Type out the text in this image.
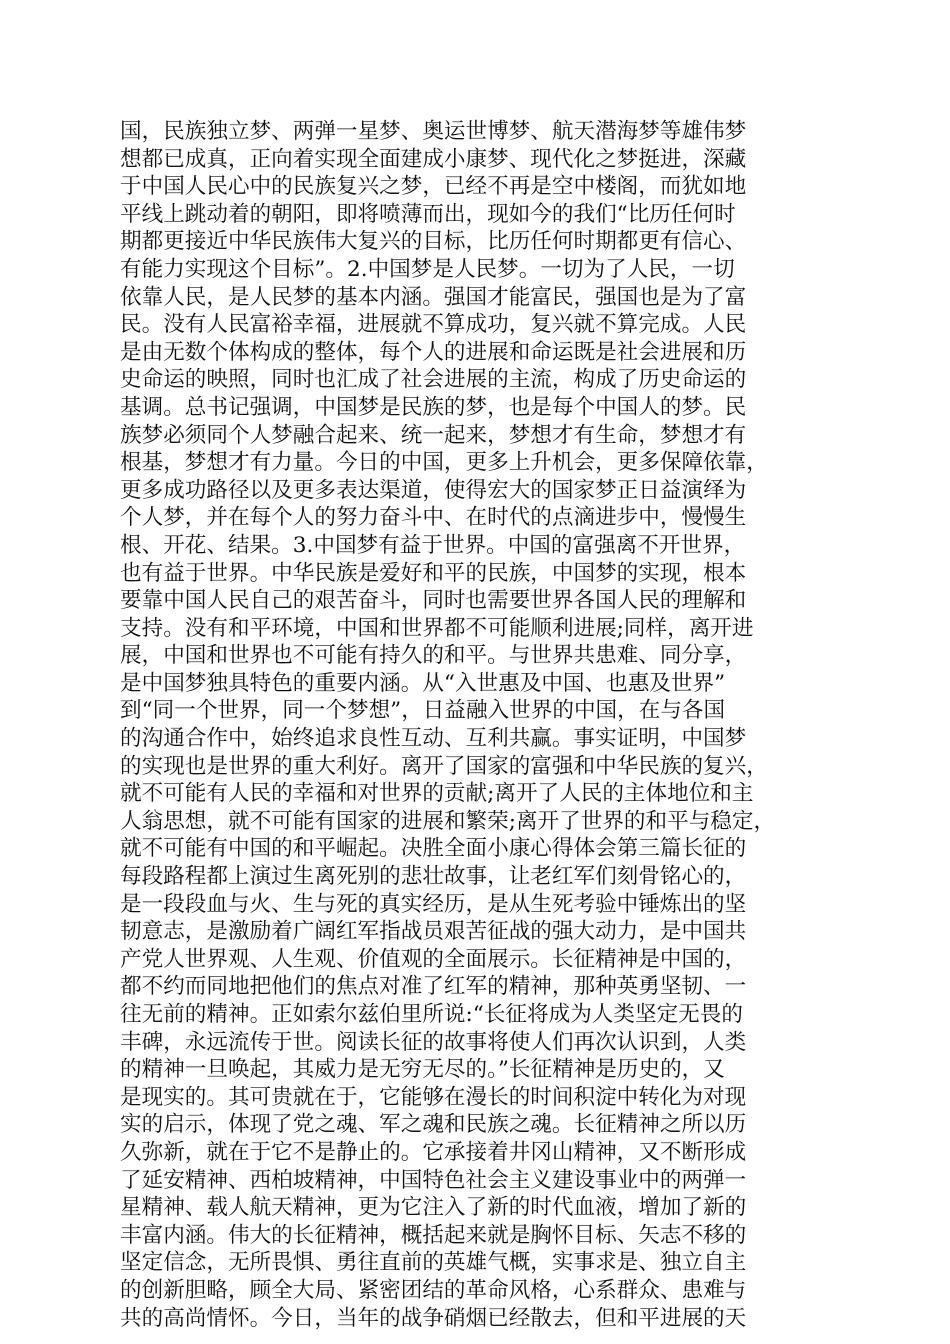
国，民族独立梦、两弹一星梦、奥运世博梦、航天潜海梦等雄伟梦
想都已成真，正向着实现全面建成小康梦、现代化之梦挺进，深藏
于中国人民心中的民族复兴之梦，已经不再是空中楼阁，而犹如地
平线上跳动着的朝阳，即将喷薄而出，现如今的我们“比历任何时
期都更接近中华民族伟大复兴的目标，比历任何时期都更有信心、
有能力实现这个目标”。2.中国梦是人民梦。一切为了人民，一切
依靠人民，是人民梦的基本内涵。强国才能富民，强国也是为了富
民。没有人民富裕幸福，进展就不算成功，复兴就不算完成。人民
是由无数个体构成的整体，每个人的进展和命运既是社会进展和历
史命运的映照，同时也汇成了社会进展的主流，构成了历史命运的
基调。总书记强调，中国梦是民族的梦，也是每个中国人的梦。民
族梦必须同个人梦融合起来、统一起来，梦想才有生命，梦想才有
根基，梦想才有力量。今日的中国，更多上升机会，更多保障依靠，
更多成功路径以及更多表达渠道，使得宏大的国家梦正日益演绎为
个人梦，并在每个人的努力奋斗中、在时代的点滴进步中，慢慢生
根、开花、结果。3.中国梦有益于世界。中国的富强离不开世界，
也有益于世界。中华民族是爱好和平的民族，中国梦的实现，根本
要靠中国人民自己的艰苦奋斗，同时也需要世界各国人民的理解和
支持。没有和平环境，中国和世界都不可能顺利进展;同样，离开进
展，中国和世界也不可能有持久的和平。与世界共患难、同分享，
是中国梦独具特色的重要内涵。从“入世惠及中国、也惠及世界”
到“同一个世界，同一个梦想”，日益融入世界的中国，在与各国
的沟通合作中，始终追求良性互动、互利共赢。事实证明，中国梦
的实现也是世界的重大利好。离开了国家的富强和中华民族的复兴，
就不可能有人民的幸福和对世界的贡献;离开了人民的主体地位和主
人翁思想，就不可能有国家的进展和繁荣;离开了世界的和平与稳定，
就不可能有中国的和平崛起。决胜全面小康心得体会第三篇长征的
每段路程都上演过生离死别的悲壮故事，让老红军们刻骨铭心的，
是一段段血与火、生与死的真实经历，是从生死考验中锤炼出的坚
韧意志，是激励着广阔红军指战员艰苦征战的强大动力，是中国共
产党人世界观、人生观、价值观的全面展示。长征精神是中国的，
都不约而同地把他们的焦点对准了红军的精神，那种英勇坚韧、一
往无前的精神。正如索尔兹伯里所说:“长征将成为人类坚定无畏的
丰碑，永远流传于世。阅读长征的故事将使人们再次认识到，人类
的精神一旦唤起，其威力是无穷无尽的。”长征精神是历史的，又
是现实的。其可贵就在于，它能够在漫长的时间积淀中转化为对现
实的启示，体现了党之魂、军之魂和民族之魂。长征精神之所以历
久弥新，就在于它不是静止的。它承接着井冈山精神，又不断形成
了延安精神、西柏坡精神，中国特色社会主义建设事业中的两弹一
星精神、载人航天精神，更为它注入了新的时代血液，增加了新的
丰富内涵。伟大的长征精神，概括起来就是胸怀目标、矢志不移的
坚定信念，无所畏惧、勇往直前的英雄气概，实事求是、独立自主
的创新胆略，顾全大局、紧密团结的革命风格，心系群众、患难与
共的高尚情怀。今日，当年的战争硝烟已经散去，但和平进展的天
